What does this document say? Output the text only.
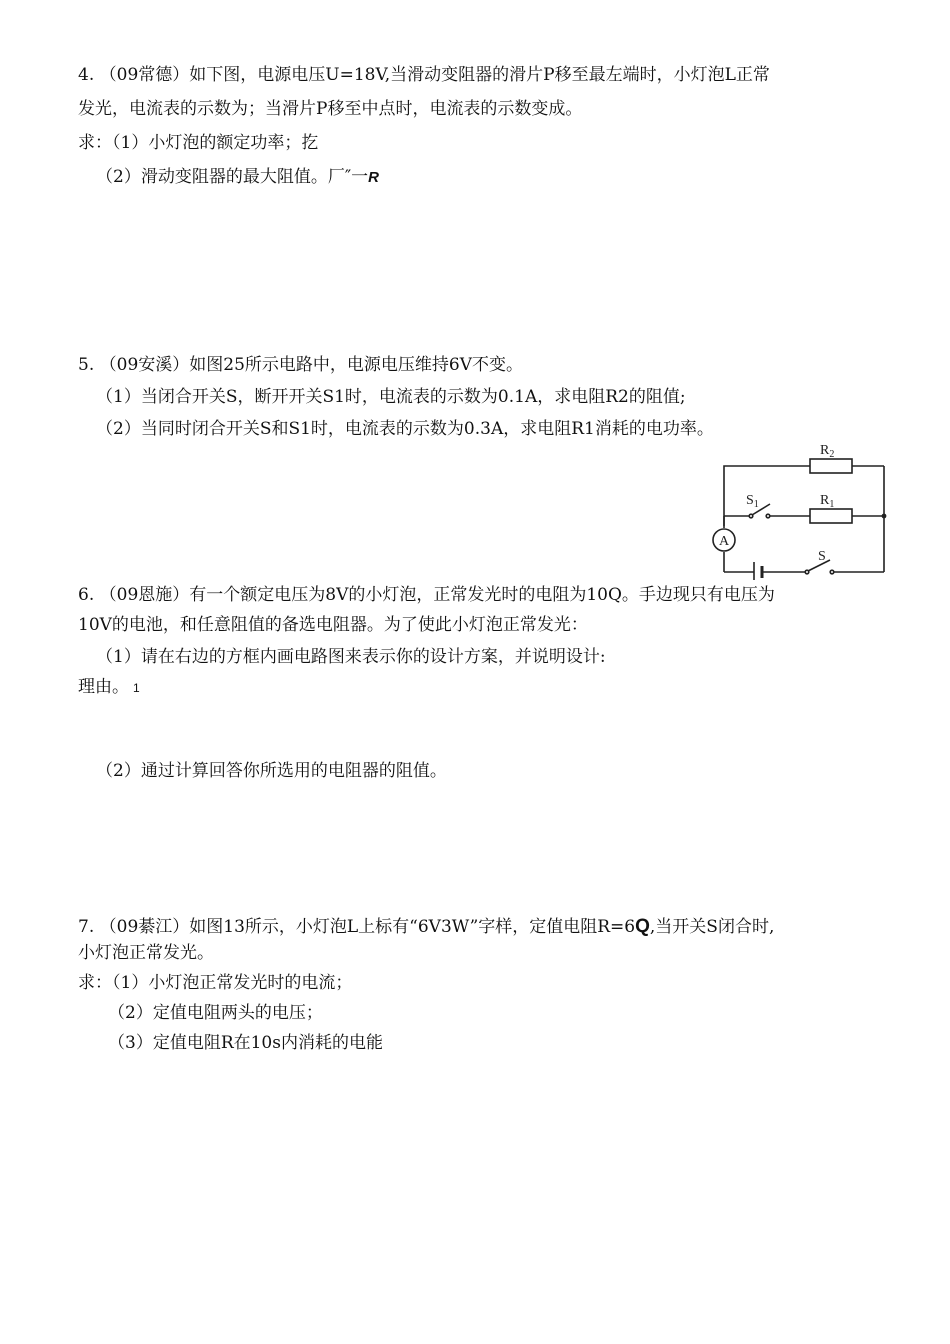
4. （09常德）如下图，电源电压U=18V,当滑动变阻器的滑片P移至最左端时，小灯泡L正常
发光，电流表的示数为；当滑片P移至中点时，电流表的示数变成。
求：（1）小灯泡的额定功率；扢
（2）滑动变阻器的最大阻值。厂″一R
5. （09安溪）如图25所示电路中，电源电压维持6V不变。
（1）当闭合开关S，断开开关S1时，电流表的示数为0.1A，求电阻R2的阻值;
（2）当同时闭合开关S和S1时，电流表的示数为0.3A，求电阻R1消耗的电功率。
$R_2$
$R_1$
$S_1$
S
A
6. （09恩施）有一个额定电压为8V的小灯泡，正常发光时的电阻为10Q。手边现只有电压为
10V的电池，和任意阻值的备选电阻器。为了使此小灯泡正常发光：
（1）请在右边的方框内画电路图来表示你的设计方案，并说明设计:
理由。 1
（2）通过计算回答你所选用的电阻器的阻值。
7. （09綦江）如图13所示，小灯泡L上标有“6V3W”字样，定值电阻R=6Q,当开关S闭合时,
小灯泡正常发光。
求：（1）小灯泡正常发光时的电流；
（2）定值电阻两头的电压；
（3）定值电阻R在10s内消耗的电能
